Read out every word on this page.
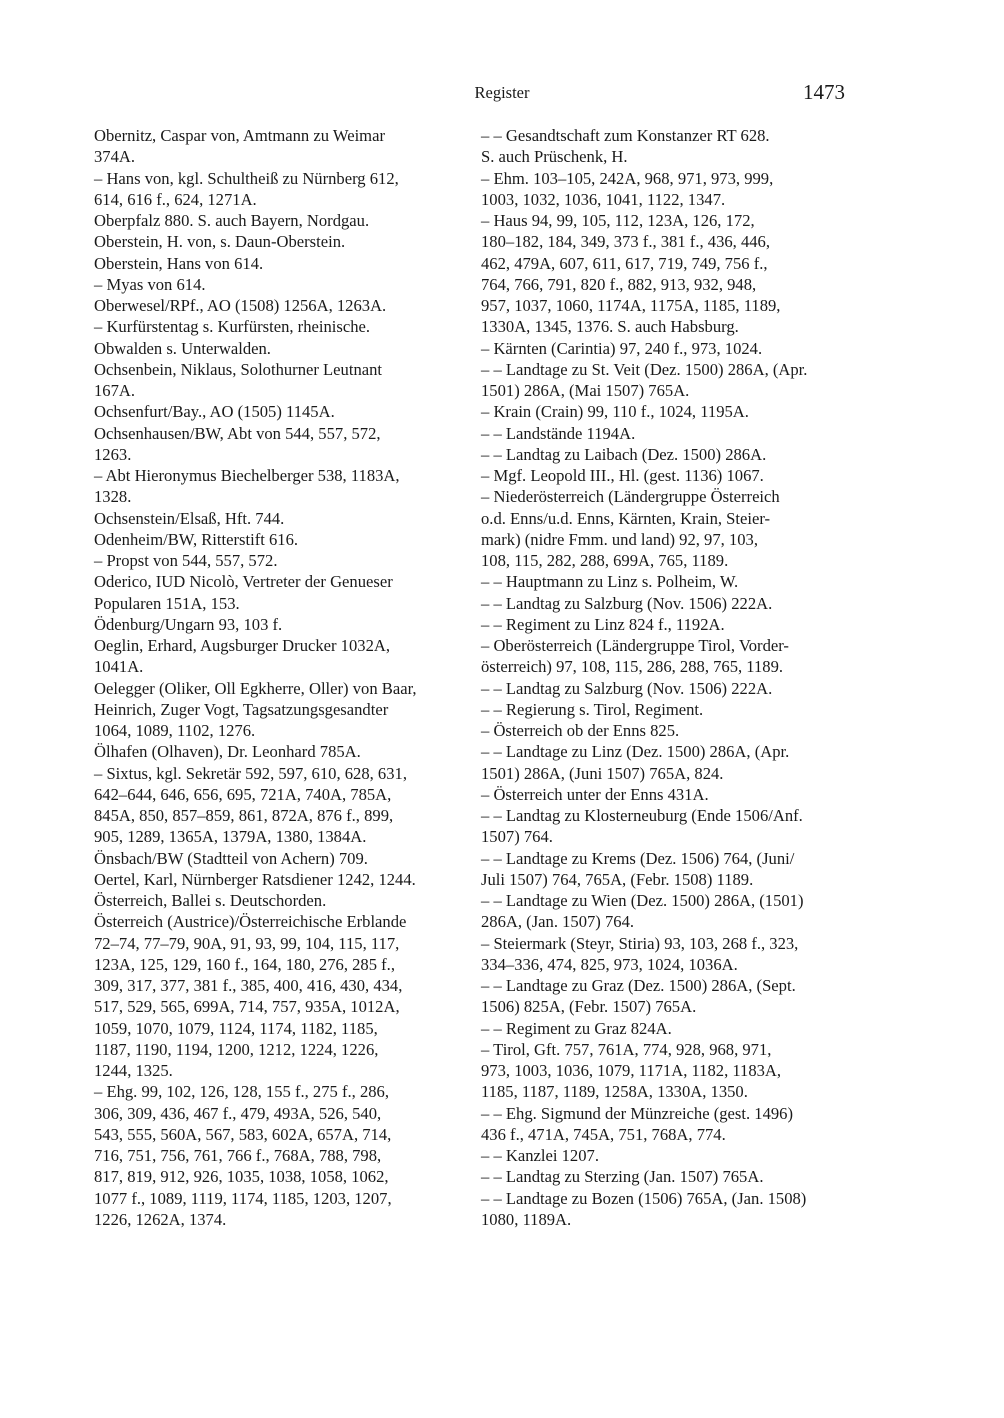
Register	1473
Obernitz, Caspar von, Amtmann zu Weimar
374A.
– Hans von, kgl. Schultheiß zu Nürnberg 612,
614, 616 f., 624, 1271A.
Oberpfalz 880. S. auch Bayern, Nordgau.
Oberstein, H. von, s. Daun-Oberstein.
Oberstein, Hans von 614.
– Myas von 614.
Oberwesel/RPf., AO (1508) 1256A, 1263A.
– Kurfürstentag s. Kurfürsten, rheinische.
Obwalden s. Unterwalden.
Ochsenbein, Niklaus, Solothurner Leutnant
167A.
Ochsenfurt/Bay., AO (1505) 1145A.
Ochsenhausen/BW, Abt von 544, 557, 572,
1263.
– Abt Hieronymus Biechelberger 538, 1183A,
1328.
Ochsenstein/Elsaß, Hft. 744.
Odenheim/BW, Ritterstift 616.
– Propst von 544, 557, 572.
Oderico, IUD Nicolò, Vertreter der Genueser
Popularen 151A, 153.
Ödenburg/Ungarn 93, 103 f.
Oeglin, Erhard, Augsburger Drucker 1032A,
1041A.
Oelegger (Oliker, Oll Egkherre, Oller) von Baar,
Heinrich, Zuger Vogt, Tagsatzungsgesandter
1064, 1089, 1102, 1276.
Ölhafen (Olhaven), Dr. Leonhard 785A.
– Sixtus, kgl. Sekretär 592, 597, 610, 628, 631,
642–644, 646, 656, 695, 721A, 740A, 785A,
845A, 850, 857–859, 861, 872A, 876 f., 899,
905, 1289, 1365A, 1379A, 1380, 1384A.
Önsbach/BW (Stadtteil von Achern) 709.
Oertel, Karl, Nürnberger Ratsdiener 1242, 1244.
Österreich, Ballei s. Deutschorden.
Österreich (Austrice)/Österreichische Erblande
72–74, 77–79, 90A, 91, 93, 99, 104, 115, 117,
123A, 125, 129, 160 f., 164, 180, 276, 285 f.,
309, 317, 377, 381 f., 385, 400, 416, 430, 434,
517, 529, 565, 699A, 714, 757, 935A, 1012A,
1059, 1070, 1079, 1124, 1174, 1182, 1185,
1187, 1190, 1194, 1200, 1212, 1224, 1226,
1244, 1325.
– Ehg. 99, 102, 126, 128, 155 f., 275 f., 286,
306, 309, 436, 467 f., 479, 493A, 526, 540,
543, 555, 560A, 567, 583, 602A, 657A, 714,
716, 751, 756, 761, 766 f., 768A, 788, 798,
817, 819, 912, 926, 1035, 1038, 1058, 1062,
1077 f., 1089, 1119, 1174, 1185, 1203, 1207,
1226, 1262A, 1374.
– – Gesandtschaft zum Konstanzer RT 628.
S. auch Prüschenk, H.
– Ehm. 103–105, 242A, 968, 971, 973, 999,
1003, 1032, 1036, 1041, 1122, 1347.
– Haus 94, 99, 105, 112, 123A, 126, 172,
180–182, 184, 349, 373 f., 381 f., 436, 446,
462, 479A, 607, 611, 617, 719, 749, 756 f.,
764, 766, 791, 820 f., 882, 913, 932, 948,
957, 1037, 1060, 1174A, 1175A, 1185, 1189,
1330A, 1345, 1376. S. auch Habsburg.
– Kärnten (Carintia) 97, 240 f., 973, 1024.
– – Landtage zu St. Veit (Dez. 1500) 286A, (Apr.
1501) 286A, (Mai 1507) 765A.
– Krain (Crain) 99, 110 f., 1024, 1195A.
– – Landstände 1194A.
– – Landtag zu Laibach (Dez. 1500) 286A.
– Mgf. Leopold III., Hl. (gest. 1136) 1067.
– Niederösterreich (Ländergruppe Österreich
o.d. Enns/u.d. Enns, Kärnten, Krain, Steier-
mark) (nidre Fmm. und land) 92, 97, 103,
108, 115, 282, 288, 699A, 765, 1189.
– – Hauptmann zu Linz s. Polheim, W.
– – Landtag zu Salzburg (Nov. 1506) 222A.
– – Regiment zu Linz 824 f., 1192A.
– Oberösterreich (Ländergruppe Tirol, Vorder-
österreich) 97, 108, 115, 286, 288, 765, 1189.
– – Landtag zu Salzburg (Nov. 1506) 222A.
– – Regierung s. Tirol, Regiment.
– Österreich ob der Enns 825.
– – Landtage zu Linz (Dez. 1500) 286A, (Apr.
1501) 286A, (Juni 1507) 765A, 824.
– Österreich unter der Enns 431A.
– – Landtag zu Klosterneuburg (Ende 1506/Anf.
1507) 764.
– – Landtage zu Krems (Dez. 1506) 764, (Juni/
Juli 1507) 764, 765A, (Febr. 1508) 1189.
– – Landtage zu Wien (Dez. 1500) 286A, (1501)
286A, (Jan. 1507) 764.
– Steiermark (Steyr, Stiria) 93, 103, 268 f., 323,
334–336, 474, 825, 973, 1024, 1036A.
– – Landtage zu Graz (Dez. 1500) 286A, (Sept.
1506) 825A, (Febr. 1507) 765A.
– – Regiment zu Graz 824A.
– Tirol, Gft. 757, 761A, 774, 928, 968, 971,
973, 1003, 1036, 1079, 1171A, 1182, 1183A,
1185, 1187, 1189, 1258A, 1330A, 1350.
– – Ehg. Sigmund der Münzreiche (gest. 1496)
436 f., 471A, 745A, 751, 768A, 774.
– – Kanzlei 1207.
– – Landtag zu Sterzing (Jan. 1507) 765A.
– – Landtage zu Bozen (1506) 765A, (Jan. 1508)
1080, 1189A.
